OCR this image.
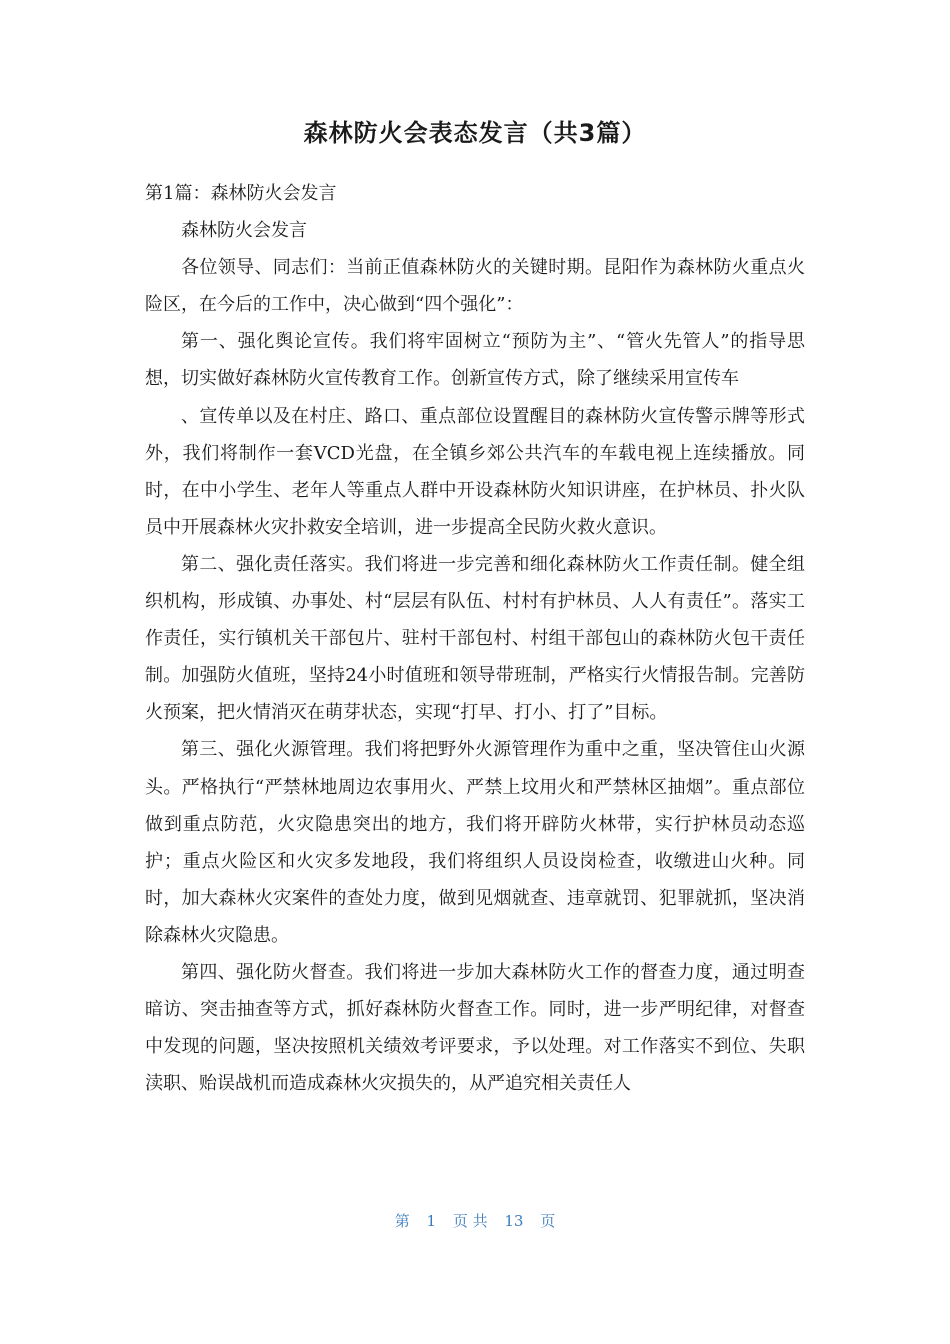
森林防火会表态发言（共3篇）

第1篇：森林防火会发言

森林防火会发言

各位领导、同志们：当前正值森林防火的关键时期。昆阳作为森林防火重点火险区，在今后的工作中，决心做到“四个强化”：

第一、强化舆论宣传。我们将牢固树立“预防为主”、“管火先管人”的指导思想，切实做好森林防火宣传教育工作。创新宣传方式，除了继续采用宣传车

、宣传单以及在村庄、路口、重点部位设置醒目的森林防火宣传警示牌等形式外，我们将制作一套VCD光盘，在全镇乡郊公共汽车的车载电视上连续播放。同时，在中小学生、老年人等重点人群中开设森林防火知识讲座，在护林员、扑火队员中开展森林火灾扑救安全培训，进一步提高全民防火救火意识。

第二、强化责任落实。我们将进一步完善和细化森林防火工作责任制。健全组织机构，形成镇、办事处、村“层层有队伍、村村有护林员、人人有责任”。落实工作责任，实行镇机关干部包片、驻村干部包村、村组干部包山的森林防火包干责任制。加强防火值班，坚持24小时值班和领导带班制，严格实行火情报告制。完善防火预案，把火情消灭在萌芽状态，实现“打早、打小、打了”目标。

第三、强化火源管理。我们将把野外火源管理作为重中之重，坚决管住山火源头。严格执行“严禁林地周边农事用火、严禁上坟用火和严禁林区抽烟”。重点部位做到重点防范，火灾隐患突出的地方，我们将开辟防火林带，实行护林员动态巡护；重点火险区和火灾多发地段，我们将组织人员设岗检查，收缴进山火种。同时，加大森林火灾案件的查处力度，做到见烟就查、违章就罚、犯罪就抓，坚决消除森林火灾隐患。

第四、强化防火督查。我们将进一步加大森林防火工作的督查力度，通过明查暗访、突击抽查等方式，抓好森林防火督查工作。同时，进一步严明纪律，对督查中发现的问题，坚决按照机关绩效考评要求，予以处理。对工作落实不到位、失职渎职、贻误战机而造成森林火灾损失的，从严追究相关责任人

第 1 页 共 13 页
